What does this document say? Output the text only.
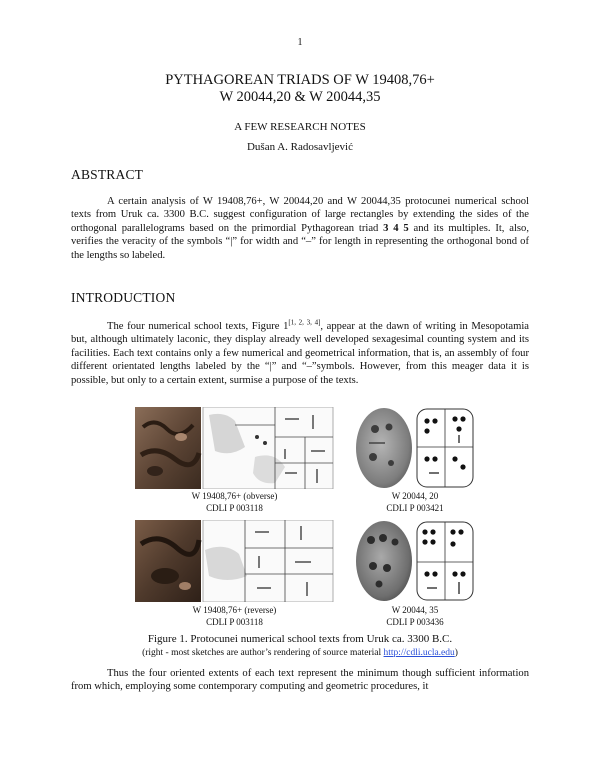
1
PYTHAGOREAN TRIADS OF W 19408,76+
W 20044,20 & W 20044,35
A FEW RESEARCH NOTES
Dušan A. Radosavljević
ABSTRACT

A certain analysis of W 19408,76+, W 20044,20 and W 20044,35 protocunei numerical school texts from Uruk ca. 3300 B.C. suggest configuration of large rectangles by extending the sides of the orthogonal parallelograms based on the primordial Pythagorean triad 3 4 5 and its multiples. It, also, verifies the veracity of the symbols “|” for width and “–” for length in representing the orthogonal bond of the lengths so labeled.

INTRODUCTION

The four numerical school texts, Figure 1[1, 2, 3, 4], appear at the dawn of writing in Mesopotamia but, although ultimately laconic, they display already well developed sexagesimal counting system and its facilities. Each text contains only a few numerical and geometrical information, that is, an assembly of four different orientated lengths labeled by the “|” and “–”symbols. However, from this meager data it is possible, but only to a certain extent, surmise a purpose of the texts.

W 19408,76+ (obverse)
CDLI P 003118
W 20044, 20
CDLI P 003421
W 19408,76+ (reverse)
CDLI P 003118
W 20044, 35
CDLI P 003436
Figure 1. Protocunei numerical school texts from Uruk ca. 3300 B.C.
(right - most sketches are author’s rendering of source material http://cdli.ucla.edu)

Thus the four oriented extents of each text represent the minimum though sufficient information from which, employing some contemporary computing and geometric procedures, it
